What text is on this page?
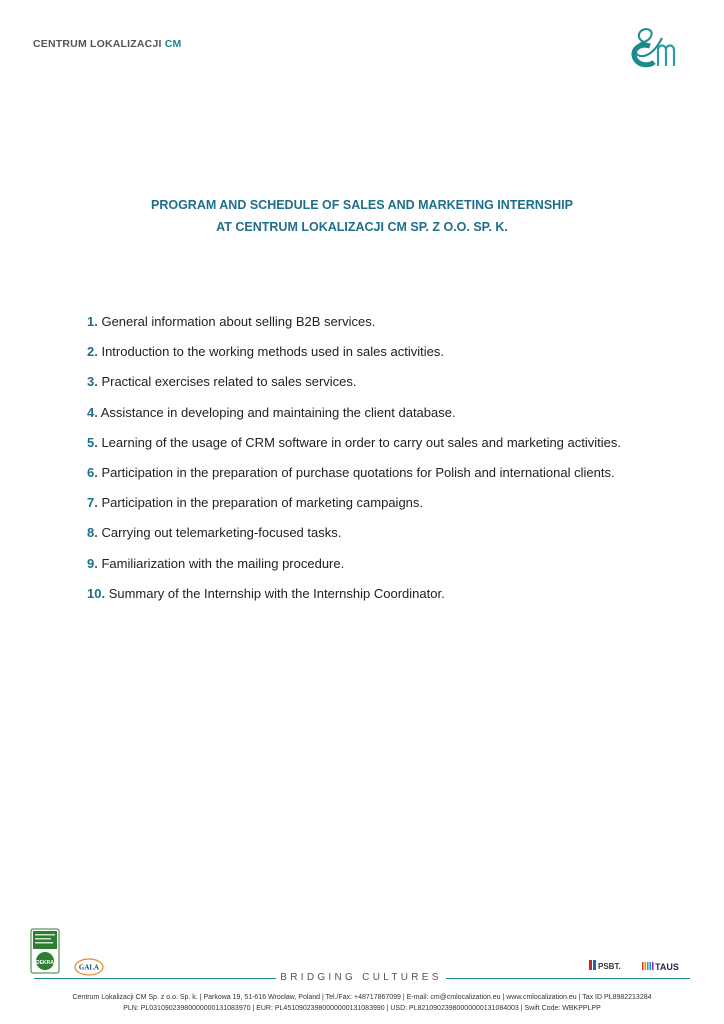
CENTRUM LOKALIZACJI CM
PROGRAM AND SCHEDULE OF SALES AND MARKETING INTERNSHIP
AT CENTRUM LOKALIZACJI CM SP. Z O.O. SP. K.
1. General information about selling B2B services.
2. Introduction to the working methods used in sales activities.
3. Practical exercises related to sales services.
4. Assistance in developing and maintaining the client database.
5. Learning of the usage of CRM software in order to carry out sales and marketing activities.
6. Participation in the preparation of purchase quotations for Polish and international clients.
7. Participation in the preparation of marketing campaigns.
8. Carrying out telemarketing-focused tasks.
9. Familiarization with the mailing procedure.
10. Summary of the Internship with the Internship Coordinator.
DEKRA
GALA	PSBT.	TAUS
BRIDGING CULTURES
Centrum Lokalizacji CM Sp. z o.o. Sp. k. | Parkowa 19, 51-616 Wrocław, Poland | Tel./Fax: +48717867099 | E-mail: cm@cmlocalization.eu | www.cmlocalization.eu | Tax ID PL8982213284
PLN: PL03109023980000000131083970 | EUR: PL45109023980000000131083990 | USD: PL82109023980000000131084003 | Swift Code: WBKPPLPP
